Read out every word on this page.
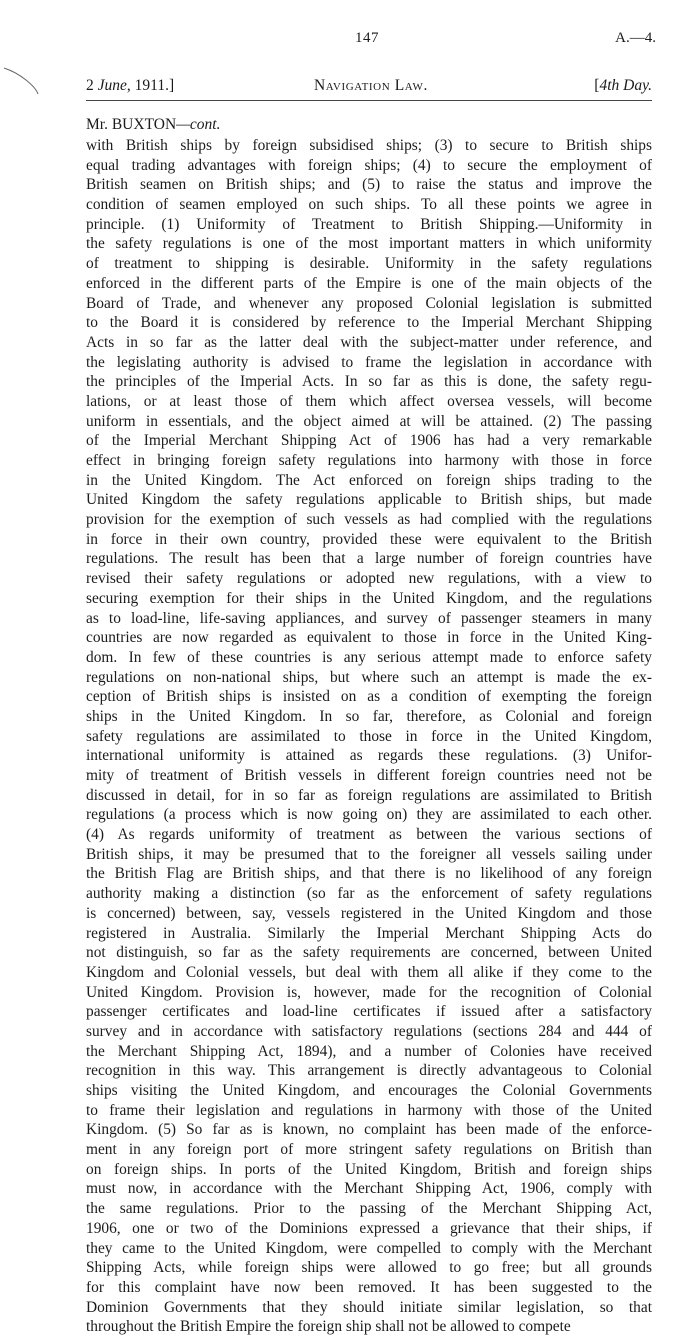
147	A.—4.
2 June, 1911.]	Navigation Law.	[4th Day.
Mr. BUXTON—cont.
with British ships by foreign subsidised ships; (3) to secure to British ships
equal trading advantages with foreign ships; (4) to secure the employment of
British seamen on British ships; and (5) to raise the status and improve the
condition of seamen employed on such ships. To all these points we agree in
principle. (1) Uniformity of Treatment to British Shipping.—Uniformity in
the safety regulations is one of the most important matters in which uniformity
of treatment to shipping is desirable. Uniformity in the safety regulations
enforced in the different parts of the Empire is one of the main objects of the
Board of Trade, and whenever any proposed Colonial legislation is submitted
to the Board it is considered by reference to the Imperial Merchant Shipping
Acts in so far as the latter deal with the subject-matter under reference, and
the legislating authority is advised to frame the legislation in accordance with
the principles of the Imperial Acts. In so far as this is done, the safety regu-
lations, or at least those of them which affect oversea vessels, will become
uniform in essentials, and the object aimed at will be attained. (2) The passing
of the Imperial Merchant Shipping Act of 1906 has had a very remarkable
effect in bringing foreign safety regulations into harmony with those in force
in the United Kingdom. The Act enforced on foreign ships trading to the
United Kingdom the safety regulations applicable to British ships, but made
provision for the exemption of such vessels as had complied with the regulations
in force in their own country, provided these were equivalent to the British
regulations. The result has been that a large number of foreign countries have
revised their safety regulations or adopted new regulations, with a view to
securing exemption for their ships in the United Kingdom, and the regulations
as to load-line, life-saving appliances, and survey of passenger steamers in many
countries are now regarded as equivalent to those in force in the United King-
dom. In few of these countries is any serious attempt made to enforce safety
regulations on non-national ships, but where such an attempt is made the ex-
ception of British ships is insisted on as a condition of exempting the foreign
ships in the United Kingdom. In so far, therefore, as Colonial and foreign
safety regulations are assimilated to those in force in the United Kingdom,
international uniformity is attained as regards these regulations. (3) Unifor-
mity of treatment of British vessels in different foreign countries need not be
discussed in detail, for in so far as foreign regulations are assimilated to British
regulations (a process which is now going on) they are assimilated to each other.
(4) As regards uniformity of treatment as between the various sections of
British ships, it may be presumed that to the foreigner all vessels sailing under
the British Flag are British ships, and that there is no likelihood of any foreign
authority making a distinction (so far as the enforcement of safety regulations
is concerned) between, say, vessels registered in the United Kingdom and those
registered in Australia. Similarly the Imperial Merchant Shipping Acts do
not distinguish, so far as the safety requirements are concerned, between United
Kingdom and Colonial vessels, but deal with them all alike if they come to the
United Kingdom. Provision is, however, made for the recognition of Colonial
passenger certificates and load-line certificates if issued after a satisfactory
survey and in accordance with satisfactory regulations (sections 284 and 444 of
the Merchant Shipping Act, 1894), and a number of Colonies have received
recognition in this way. This arrangement is directly advantageous to Colonial
ships visiting the United Kingdom, and encourages the Colonial Governments
to frame their legislation and regulations in harmony with those of the United
Kingdom. (5) So far as is known, no complaint has been made of the enforce-
ment in any foreign port of more stringent safety regulations on British than
on foreign ships. In ports of the United Kingdom, British and foreign ships
must now, in accordance with the Merchant Shipping Act, 1906, comply with
the same regulations. Prior to the passing of the Merchant Shipping Act,
1906, one or two of the Dominions expressed a grievance that their ships, if
they came to the United Kingdom, were compelled to comply with the Merchant
Shipping Acts, while foreign ships were allowed to go free; but all grounds
for this complaint have now been removed. It has been suggested to the
Dominion Governments that they should initiate similar legislation, so that
throughout the British Empire the foreign ship shall not be allowed to compete
